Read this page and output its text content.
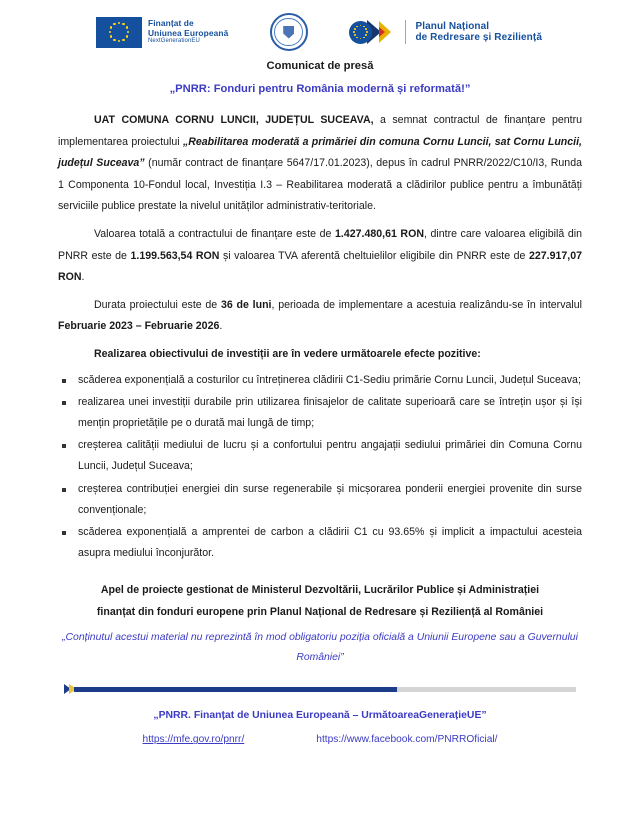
Finanțat de
Uniunea Europeană
NextGenerationEU
Planul Național
de Redresare și Reziliență
Comunicat de presă
„PNRR: Fonduri pentru România modernă și reformată!”

UAT COMUNA CORNU LUNCII, JUDEȚUL SUCEAVA, a semnat contractul de finanțare pentru implementarea proiectului „Reabilitarea moderată a primăriei din comuna Cornu Luncii, sat Cornu Luncii, județul Suceava” (număr contract de finanțare 5647/17.01.2023), depus în cadrul PNRR/2022/C10/I3, Runda 1 Componenta 10-Fondul local, Investiția I.3 – Reabilitarea moderată a clădirilor publice pentru a îmbunătăți serviciile publice prestate la nivelul unităților administrativ-teritoriale.

Valoarea totală a contractului de finanțare este de 1.427.480,61 RON, dintre care valoarea eligibilă din PNRR este de 1.199.563,54 RON și valoarea TVA aferentă cheltuielilor eligibile din PNRR este de 227.917,07 RON.

Durata proiectului este de 36 de luni, perioada de implementare a acestuia realizându-se în intervalul Februarie 2023 – Februarie 2026.

Realizarea obiectivului de investiții are în vedere următoarele efecte pozitive:

scăderea exponențială a costurilor cu întreținerea clădirii C1-Sediu primărie Cornu Luncii, Județul Suceava;
realizarea unei investiții durabile prin utilizarea finisajelor de calitate superioară care se întrețin ușor și își mențin proprietățile pe o durată mai lungă de timp;
creșterea calității mediului de lucru și a confortului pentru angajații sediului primăriei din Comuna Cornu Luncii, Județul Suceava;
creșterea contribuției energiei din surse regenerabile și micșorarea ponderii energiei provenite din surse convenționale;
scăderea exponențială a amprentei de carbon a clădirii C1 cu 93.65% și implicit a impactului acesteia asupra mediului înconjurător.
Apel de proiecte gestionat de Ministerul Dezvoltării, Lucrărilor Publice și Administrației
finanțat din fonduri europene prin Planul Național de Redresare și Reziliență al României
„Conținutul acestui material nu reprezintă în mod obligatoriu poziția oficială a Uniunii Europene sau a Guvernului României”
„PNRR. Finanțat de Uniunea Europeană – UrmătoareaGenerațieUE”
https://mfe.gov.ro/pnrr/	https://www.facebook.com/PNRROficial/
